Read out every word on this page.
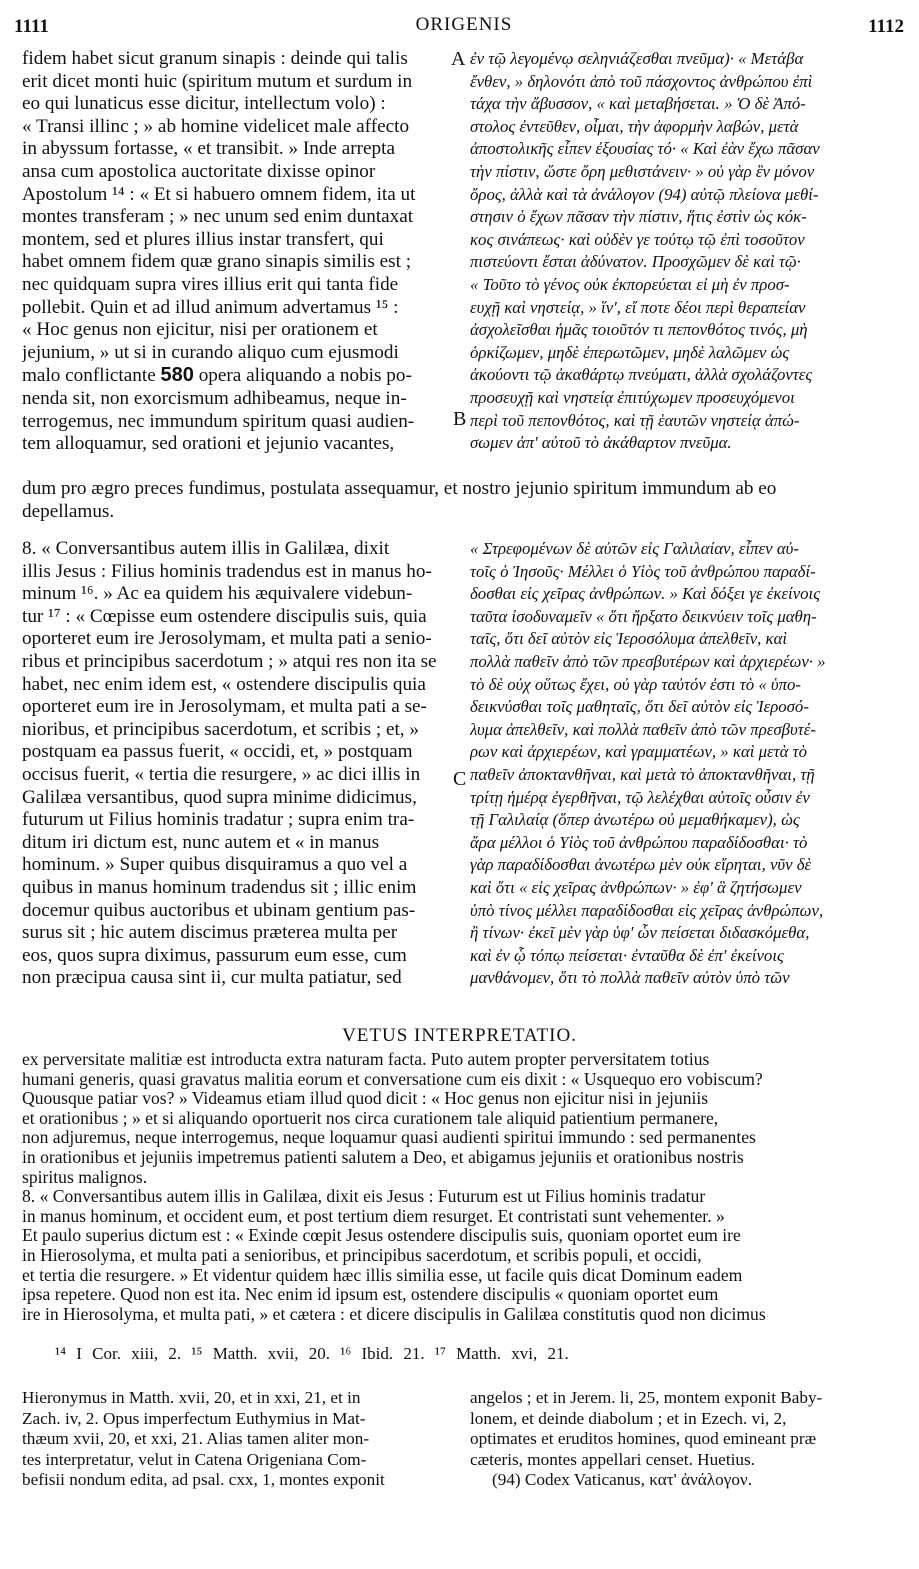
1111	ORIGENIS	1112
fidem habet sicut granum sinapis : deinde qui talis
erit dicet monti huic (spiritum mutum et surdum in
eo qui lunaticus esse dicitur, intellectum volo) :
« Transi illinc ; » ab homine videlicet male affecto
in abyssum fortasse, « et transibit. » Inde arrepta
ansa cum apostolica auctoritate dixisse opinor
Apostolum ¹⁴ : « Et si habuero omnem fidem, ita ut
montes transferam ; » nec unum sed enim duntaxat
montem, sed et plures illius instar transfert, qui
habet omnem fidem quæ grano sinapis similis est ;
nec quidquam supra vires illius erit qui tanta fide
pollebit. Quin et ad illud animum advertamus ¹⁵ :
« Hoc genus non ejicitur, nisi per orationem et
jejunium, » ut si in curando aliquo cum ejusmodi
malo conflictante 580 opera aliquando a nobis po-
nenda sit, non exorcismum adhibeamus, neque in-
terrogemus, nec immundum spiritum quasi audien-
tem alloquamur, sed orationi et jejunio vacantes,
A
B
ἐν τῷ λεγομένῳ σεληνιάζεσθαι πνεῦμα)· « Μετάβα
ἔνθεν, » δηλονότι ἀπὸ τοῦ πάσχοντος ἀνθρώπου ἐπὶ
τάχα τὴν ἄβυσσον, « καὶ μεταβήσεται. » Ὁ δὲ Ἀπό-
στολος ἐντεῦθεν, οἶμαι, τὴν ἀφορμὴν λαβών, μετὰ
ἀποστολικῆς εἶπεν ἐξουσίας τό· « Καὶ ἐὰν ἔχω πᾶσαν
τὴν πίστιν, ὥστε ὄρη μεθιστάνειν· » οὐ γὰρ ἓν μόνον
ὄρος, ἀλλὰ καὶ τὰ ἀνάλογον (94) αὐτῷ πλείονα μεθί-
στησιν ὁ ἔχων πᾶσαν τὴν πίστιν, ἥτις ἐστὶν ὡς κόκ-
κος σινάπεως· καὶ οὐδὲν γε τούτῳ τῷ ἐπὶ τοσοῦτον
πιστεύοντι ἔσται ἀδύνατον. Προσχῶμεν δὲ καὶ τῷ·
« Τοῦτο τὸ γένος οὐκ ἐκπορεύεται εἰ μὴ ἐν προσ-
ευχῇ καὶ νηστείᾳ, » ἵν', εἴ ποτε δέοι περὶ θεραπείαν
ἀσχολεῖσθαι ἡμᾶς τοιοῦτόν τι πεπονθότος τινός, μὴ
ὁρκίζωμεν, μηδὲ ἐπερωτῶμεν, μηδὲ λαλῶμεν ὡς
ἀκούοντι τῷ ἀκαθάρτῳ πνεύματι, ἀλλὰ σχολάζοντες
προσευχῇ καὶ νηστείᾳ ἐπιτύχωμεν προσευχόμενοι
περὶ τοῦ πεπονθότος, καὶ τῇ ἑαυτῶν νηστείᾳ ἀπώ-
σωμεν ἀπ' αὐτοῦ τὸ ἀκάθαρτον πνεῦμα.
dum pro ægro preces fundimus, postulata assequamur, et nostro jejunio spiritum immundum ab eo
depellamus.
8. « Conversantibus autem illis in Galilæa, dixit
illis Jesus : Filius hominis tradendus est in manus ho-
minum ¹⁶. » Ac ea quidem his æquivalere videbun-
tur ¹⁷ : « Cœpisse eum ostendere discipulis suis, quia
oporteret eum ire Jerosolymam, et multa pati a senio-
ribus et principibus sacerdotum ; » atqui res non ita se
habet, nec enim idem est, « ostendere discipulis quia
oporteret eum ire in Jerosolymam, et multa pati a se-
nioribus, et principibus sacerdotum, et scribis ; et, »
postquam ea passus fuerit, « occidi, et, » postquam
occisus fuerit, « tertia die resurgere, » ac dici illis in
Galilæa versantibus, quod supra minime didicimus,
futurum ut Filius hominis tradatur ; supra enim tra-
ditum iri dictum est, nunc autem et « in manus
hominum. » Super quibus disquiramus a quo vel a
quibus in manus hominum tradendus sit ; illic enim
docemur quibus auctoribus et ubinam gentium pas-
surus sit ; hic autem discimus præterea multa per
eos, quos supra diximus, passurum eum esse, cum
non præcipua causa sint ii, cur multa patiatur, sed
C
« Στρεφομένων δὲ αὐτῶν εἰς Γαλιλαίαν, εἶπεν αὐ-
τοῖς ὁ Ἰησοῦς· Μέλλει ὁ Υἱὸς τοῦ ἀνθρώπου παραδί-
δοσθαι εἰς χεῖρας ἀνθρώπων. » Καὶ δόξει γε ἐκείνοις
ταῦτα ἰσοδυναμεῖν « ὅτι ἤρξατο δεικνύειν τοῖς μαθη-
ταῖς, ὅτι δεῖ αὐτὸν εἰς Ἱεροσόλυμα ἀπελθεῖν, καὶ
πολλὰ παθεῖν ἀπὸ τῶν πρεσβυτέρων καὶ ἀρχιερέων· »
τὸ δὲ οὐχ οὕτως ἔχει, οὐ γὰρ ταὐτόν ἐστι τὸ « ὑπο-
δεικνύσθαι τοῖς μαθηταῖς, ὅτι δεῖ αὐτὸν εἰς Ἱεροσό-
λυμα ἀπελθεῖν, καὶ πολλὰ παθεῖν ἀπὸ τῶν πρεσβυτέ-
ρων καὶ ἀρχιερέων, καὶ γραμματέων, » καὶ μετὰ τὸ
παθεῖν ἀποκτανθῆναι, καὶ μετὰ τὸ ἀποκτανθῆναι, τῇ
τρίτῃ ἡμέρᾳ ἐγερθῆναι, τῷ λελέχθαι αὐτοῖς οὖσιν ἐν
τῇ Γαλιλαίᾳ (ὅπερ ἀνωτέρω οὐ μεμαθήκαμεν), ὡς
ἄρα μέλλοι ὁ Υἱὸς τοῦ ἀνθρώπου παραδίδοσθαι· τὸ
γὰρ παραδίδοσθαι ἀνωτέρω μὲν οὐκ εἴρηται, νῦν δὲ
καὶ ὅτι « εἰς χεῖρας ἀνθρώπων· » ἐφ' ἃ ζητήσωμεν
ὑπὸ τίνος μέλλει παραδίδοσθαι εἰς χεῖρας ἀνθρώπων,
ἢ τίνων· ἐκεῖ μὲν γὰρ ὑφ' ὧν πείσεται διδασκόμεθα,
καὶ ἐν ᾧ τόπῳ πείσεται· ἐνταῦθα δὲ ἐπ' ἐκείνοις
μανθάνομεν, ὅτι τὸ πολλὰ παθεῖν αὐτὸν ὑπὸ τῶν
VETUS INTERPRETATIO.
ex perversitate malitiæ est introducta extra naturam facta. Puto autem propter perversitatem totius
humani generis, quasi gravatus malitia eorum et conversatione cum eis dixit : « Usquequo ero vobiscum?
Quousque patiar vos? » Videamus etiam illud quod dicit : « Hoc genus non ejicitur nisi in jejuniis
et orationibus ; » et si aliquando oportuerit nos circa curationem tale aliquid patientium permanere,
non adjuremus, neque interrogemus, neque loquamur quasi audienti spiritui immundo : sed permanentes
in orationibus et jejuniis impetremus patienti salutem a Deo, et abigamus jejuniis et orationibus nostris
spiritus malignos.
8. « Conversantibus autem illis in Galilæa, dixit eis Jesus : Futurum est ut Filius hominis tradatur
in manus hominum, et occident eum, et post tertium diem resurget. Et contristati sunt vehementer. »
Et paulo superius dictum est : « Exinde cœpit Jesus ostendere discipulis suis, quoniam oportet eum ire
in Hierosolyma, et multa pati a senioribus, et principibus sacerdotum, et scribis populi, et occidi,
et tertia die resurgere. » Et videntur quidem hæc illis similia esse, ut facile quis dicat Dominum eadem
ipsa repetere. Quod non est ita. Nec enim id ipsum est, ostendere discipulis « quoniam oportet eum
ire in Hierosolyma, et multa pati, » et cætera : et dicere discipulis in Galilæa constitutis quod non dicimus
¹⁴ I Cor. xiii, 2. ¹⁵ Matth. xvii, 20. ¹⁶ Ibid. 21. ¹⁷ Matth. xvi, 21.
Hieronymus in Matth. xvii, 20, et in xxi, 21, et in
Zach. iv, 2. Opus imperfectum Euthymius in Mat-
thæum xvii, 20, et xxi, 21. Alias tamen aliter mon-
tes interpretatur, velut in Catena Origeniana Com-
befisii nondum edita, ad psal. cxx, 1, montes exponit
angelos ; et in Jerem. li, 25, montem exponit Baby-
lonem, et deinde diabolum ; et in Ezech. vi, 2,
optimates et eruditos homines, quod emineant præ
cæteris, montes appellari censet. Huetius.
(94) Codex Vaticanus, κατ' ἀνάλογον.
